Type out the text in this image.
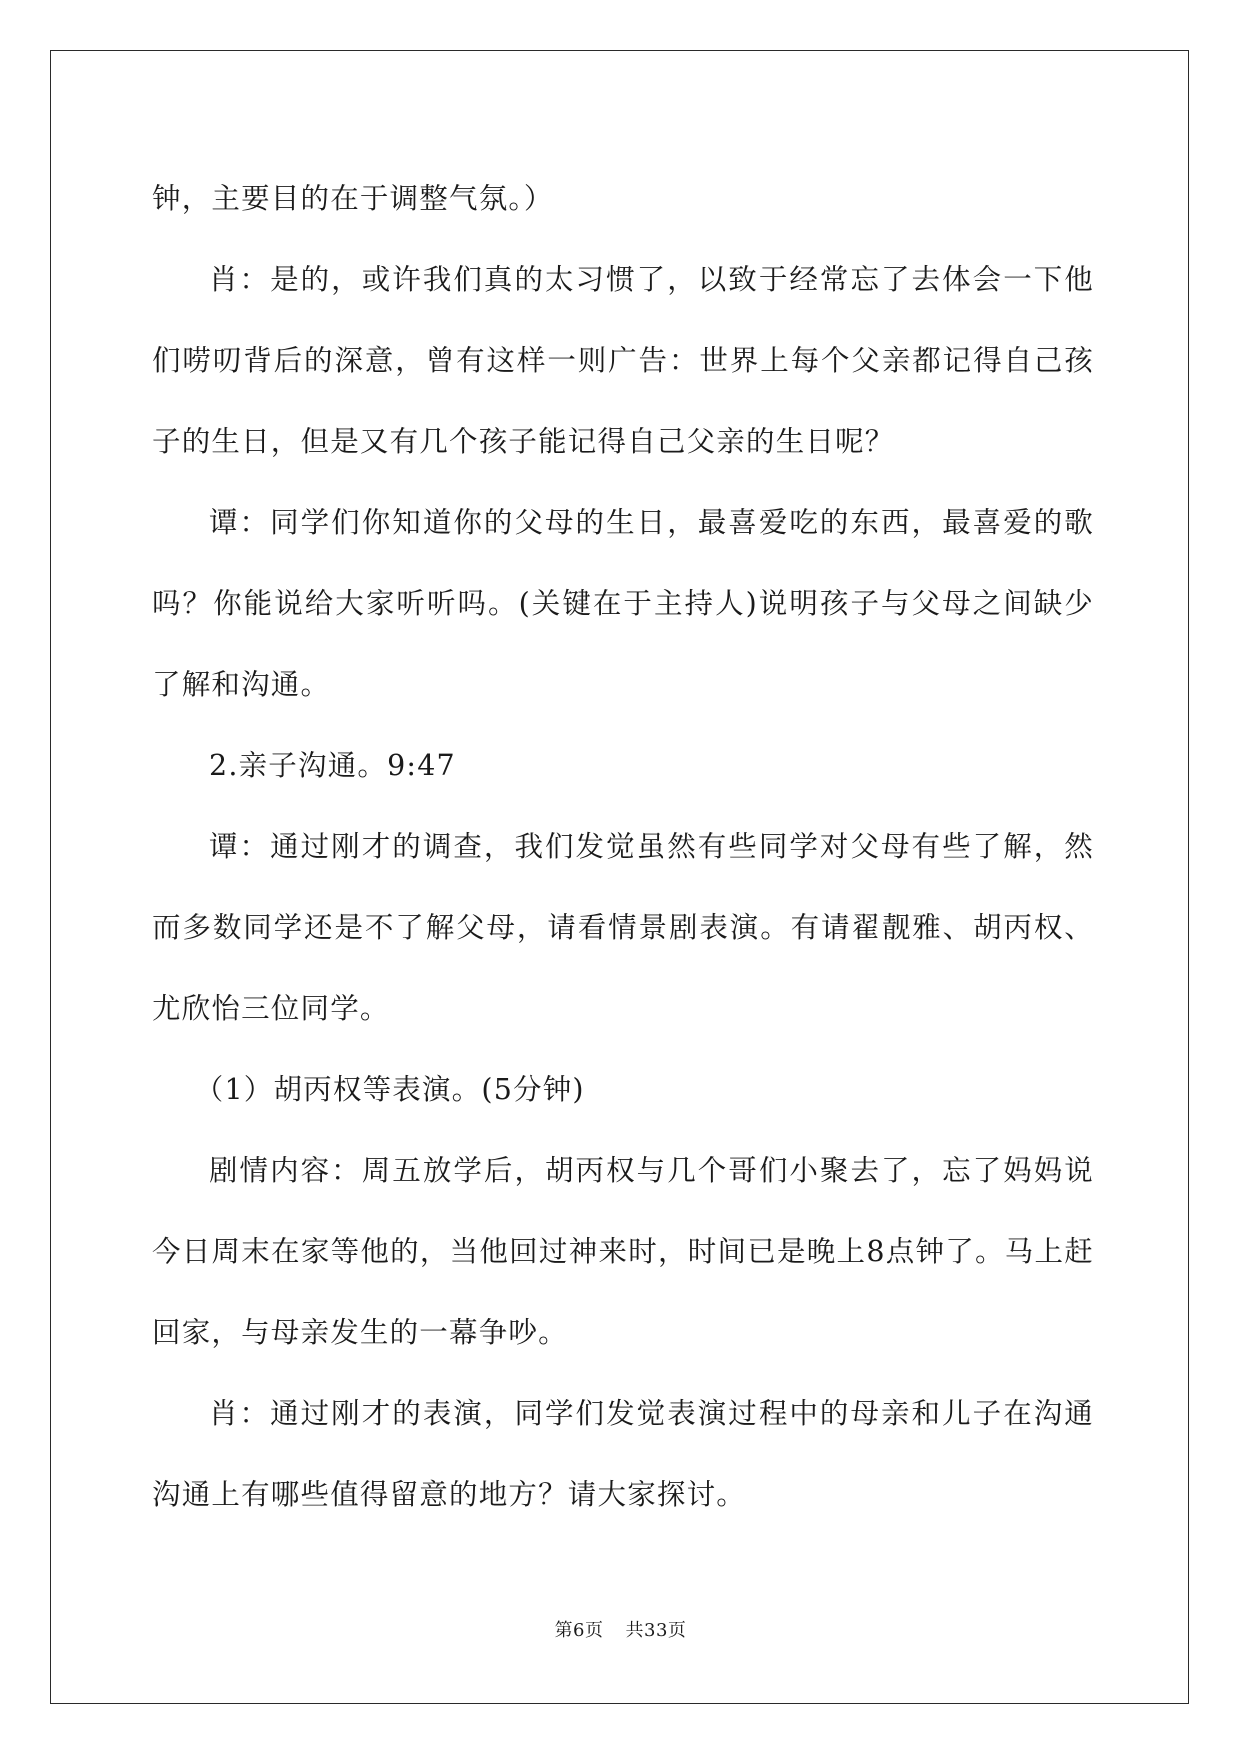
钟，主要目的在于调整气氛。）

肖：是的，或许我们真的太习惯了，以致于经常忘了去体会一下他们唠叨背后的深意，曾有这样一则广告：世界上每个父亲都记得自己孩子的生日，但是又有几个孩子能记得自己父亲的生日呢？

谭：同学们你知道你的父母的生日，最喜爱吃的东西，最喜爱的歌吗？你能说给大家听听吗。(关键在于主持人)说明孩子与父母之间缺少了解和沟通。

2.亲子沟通。9:47

谭：通过刚才的调查，我们发觉虽然有些同学对父母有些了解，然而多数同学还是不了解父母，请看情景剧表演。有请翟靓雅、胡丙权、尤欣怡三位同学。

（1）胡丙权等表演。(5分钟)

剧情内容：周五放学后，胡丙权与几个哥们小聚去了，忘了妈妈说今日周末在家等他的，当他回过神来时，时间已是晚上8点钟了。马上赶回家，与母亲发生的一幕争吵。

肖：通过刚才的表演，同学们发觉表演过程中的母亲和儿子在沟通沟通上有哪些值得留意的地方？请大家探讨。

第6页 共33页
